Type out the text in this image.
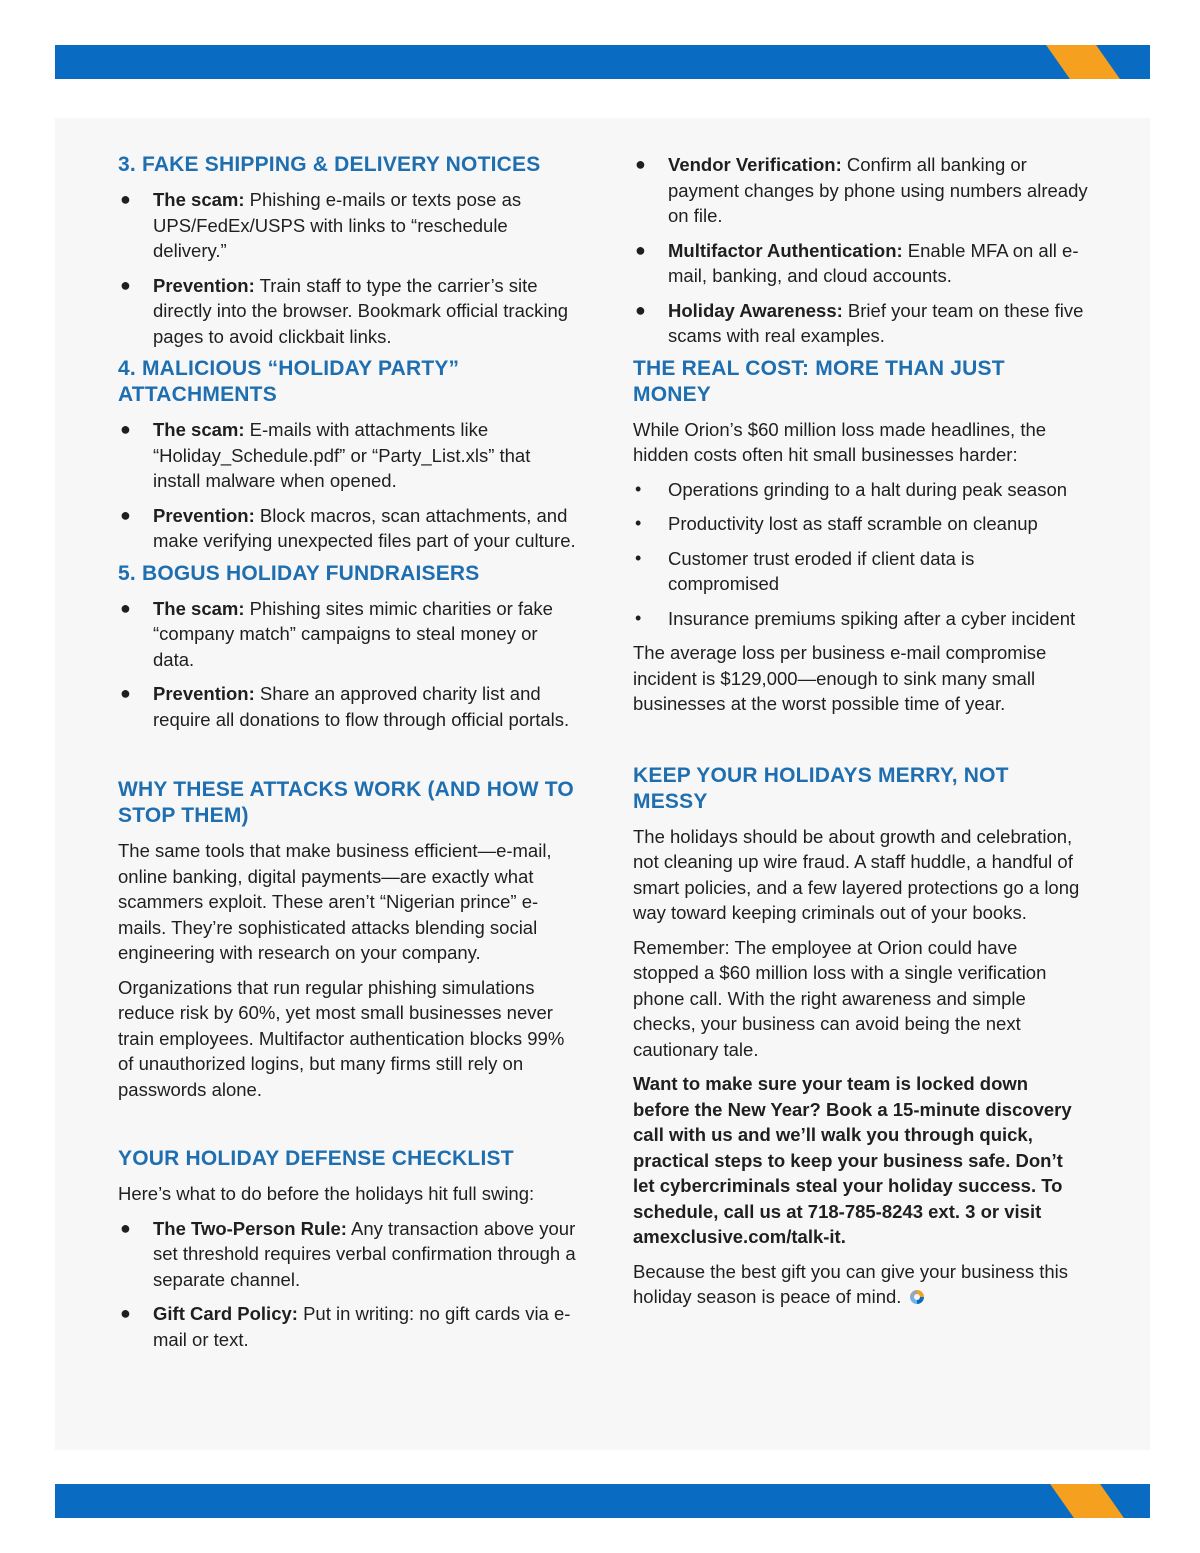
3. FAKE SHIPPING & DELIVERY NOTICES
● The scam: Phishing e-mails or texts pose as UPS/FedEx/USPS with links to “reschedule delivery.”
● Prevention: Train staff to type the carrier’s site directly into the browser. Bookmark official tracking pages to avoid clickbait links.
4. MALICIOUS “HOLIDAY PARTY” ATTACHMENTS
● The scam: E-mails with attachments like “Holiday_Schedule.pdf” or “Party_List.xls” that install malware when opened.
● Prevention: Block macros, scan attachments, and make verifying unexpected files part of your culture.
5. BOGUS HOLIDAY FUNDRAISERS
● The scam: Phishing sites mimic charities or fake “company match” campaigns to steal money or data.
● Prevention: Share an approved charity list and require all donations to flow through official portals.
WHY THESE ATTACKS WORK (AND HOW TO STOP THEM)

The same tools that make business efficient—e-mail, online banking, digital payments—are exactly what scammers exploit. These aren’t “Nigerian prince” e-mails. They’re sophisticated attacks blending social engineering with research on your company.

Organizations that run regular phishing simulations reduce risk by 60%, yet most small businesses never train employees. Multifactor authentication blocks 99% of unauthorized logins, but many firms still rely on passwords alone.

YOUR HOLIDAY DEFENSE CHECKLIST

Here’s what to do before the holidays hit full swing:

● The Two-Person Rule: Any transaction above your set threshold requires verbal confirmation through a separate channel.
● Gift Card Policy: Put in writing: no gift cards via e-mail or text.
● Vendor Verification: Confirm all banking or payment changes by phone using numbers already on file.
● Multifactor Authentication: Enable MFA on all e-mail, banking, and cloud accounts.
● Holiday Awareness: Brief your team on these five scams with real examples.
THE REAL COST: MORE THAN JUST MONEY

While Orion’s $60 million loss made headlines, the hidden costs often hit small businesses harder:

• Operations grinding to a halt during peak season
• Productivity lost as staff scramble on cleanup
• Customer trust eroded if client data is compromised
• Insurance premiums spiking after a cyber incident

The average loss per business e-mail compromise incident is $129,000—enough to sink many small businesses at the worst possible time of year.

KEEP YOUR HOLIDAYS MERRY, NOT MESSY

The holidays should be about growth and celebration, not cleaning up wire fraud. A staff huddle, a handful of smart policies, and a few layered protections go a long way toward keeping criminals out of your books.

Remember: The employee at Orion could have stopped a $60 million loss with a single verification phone call. With the right awareness and simple checks, your business can avoid being the next cautionary tale.

Want to make sure your team is locked down before the New Year? Book a 15-minute discovery call with us and we’ll walk you through quick, practical steps to keep your business safe. Don’t let cybercriminals steal your holiday success. To schedule, call us at 718-785-8243 ext. 3 or visit amexclusive.com/talk-it.

Because the best gift you can give your business this holiday season is peace of mind.
